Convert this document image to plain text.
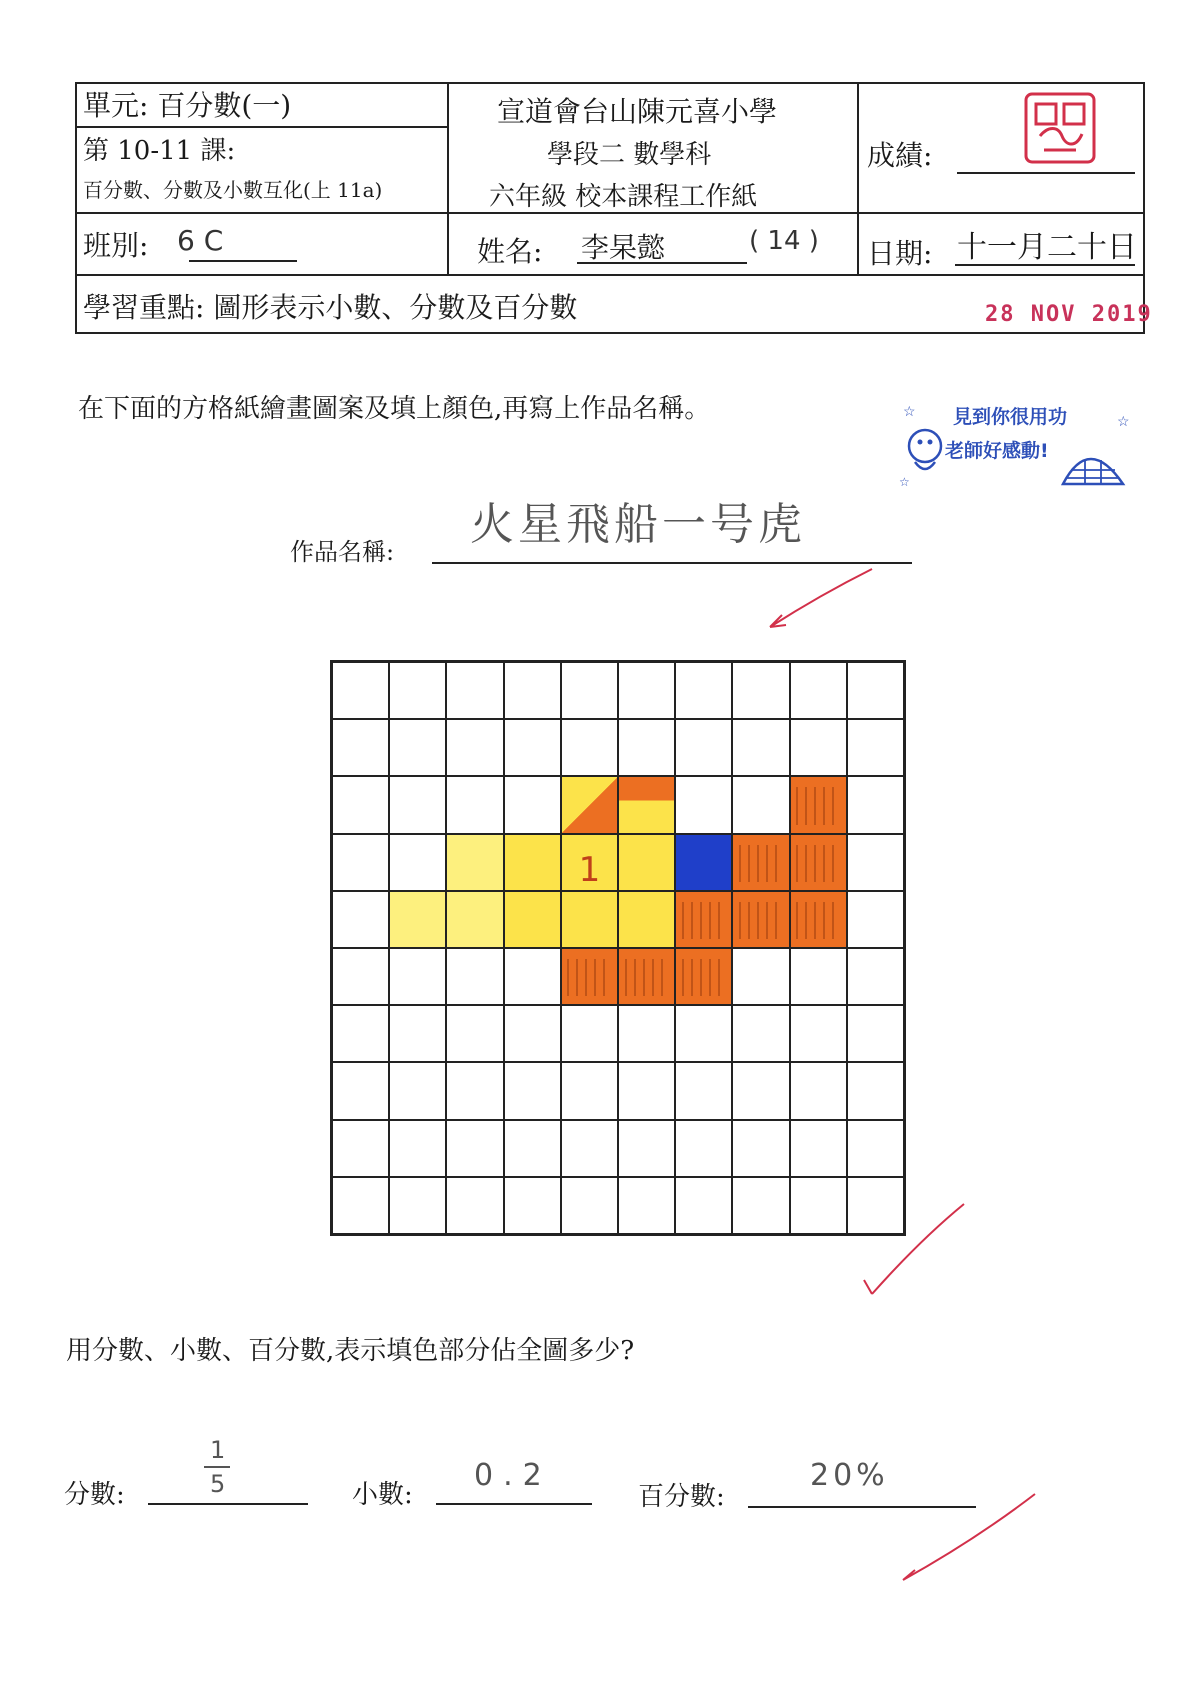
單元: 百分數(一)
第 10-11 課:
百分數、分數及小數互化(上 11a)
宣道會台山陳元喜小學
學段二 數學科
六年級 校本課程工作紙
成績:
班別: 6 C	姓名: 李杲懿	( 14 ) 日期: 十一月二十日
學習重點: 圖形表示小數、分數及百分數	28 NOV 2019
在下面的方格紙繪畫圖案及填上顏色,再寫上作品名稱。	☆
☆
☆
見到你很用功
老師好感動!
火星飛船一号虎
作品名稱:
1
用分數、小數、百分數,表示填色部分佔全圖多少?
分數:
1
5	小數:
0.2
百分數:
20%
